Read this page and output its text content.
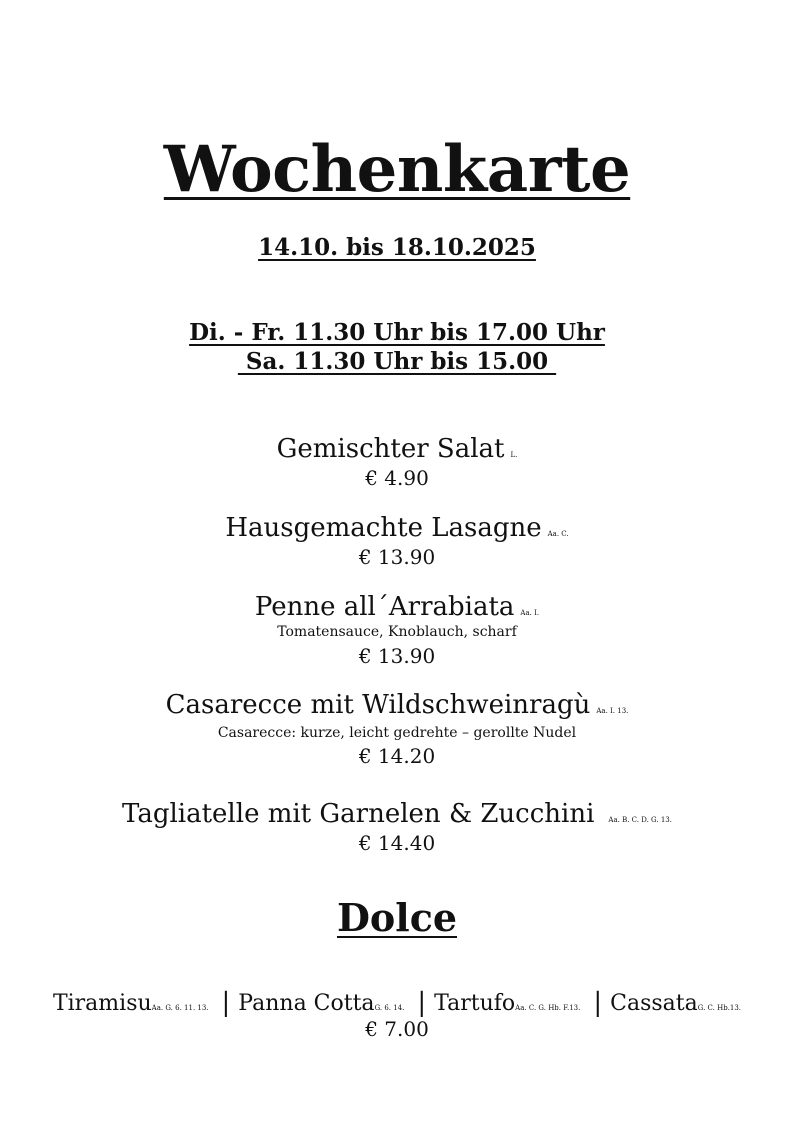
Wochenkarte
14.10. bis 18.10.2025
Di. - Fr. 11.30 Uhr bis 17.00 Uhr
Sa. 11.30 Uhr bis 15.00
Gemischter Salat L.
€ 4.90
Hausgemachte Lasagne Aa. C.
€ 13.90
Penne all´Arrabiata Aa. I.
Tomatensauce, Knoblauch, scharf
€ 13.90
Casarecce mit Wildschweinragù Aa. I. 13.
Casarecce: kurze, leicht gedrehte – gerollte Nudel
€ 14.20
Tagliatelle mit Garnelen & Zucchini Aa. B. C. D. G. 13.
€ 14.40
Dolce
TiramisuAa. G. 6. 11. 13. | Panna CottaG. 6. 14. | TartufoAa. C. G. Hb. F.13. | CassataG. C. Hb.13.
€ 7.00
